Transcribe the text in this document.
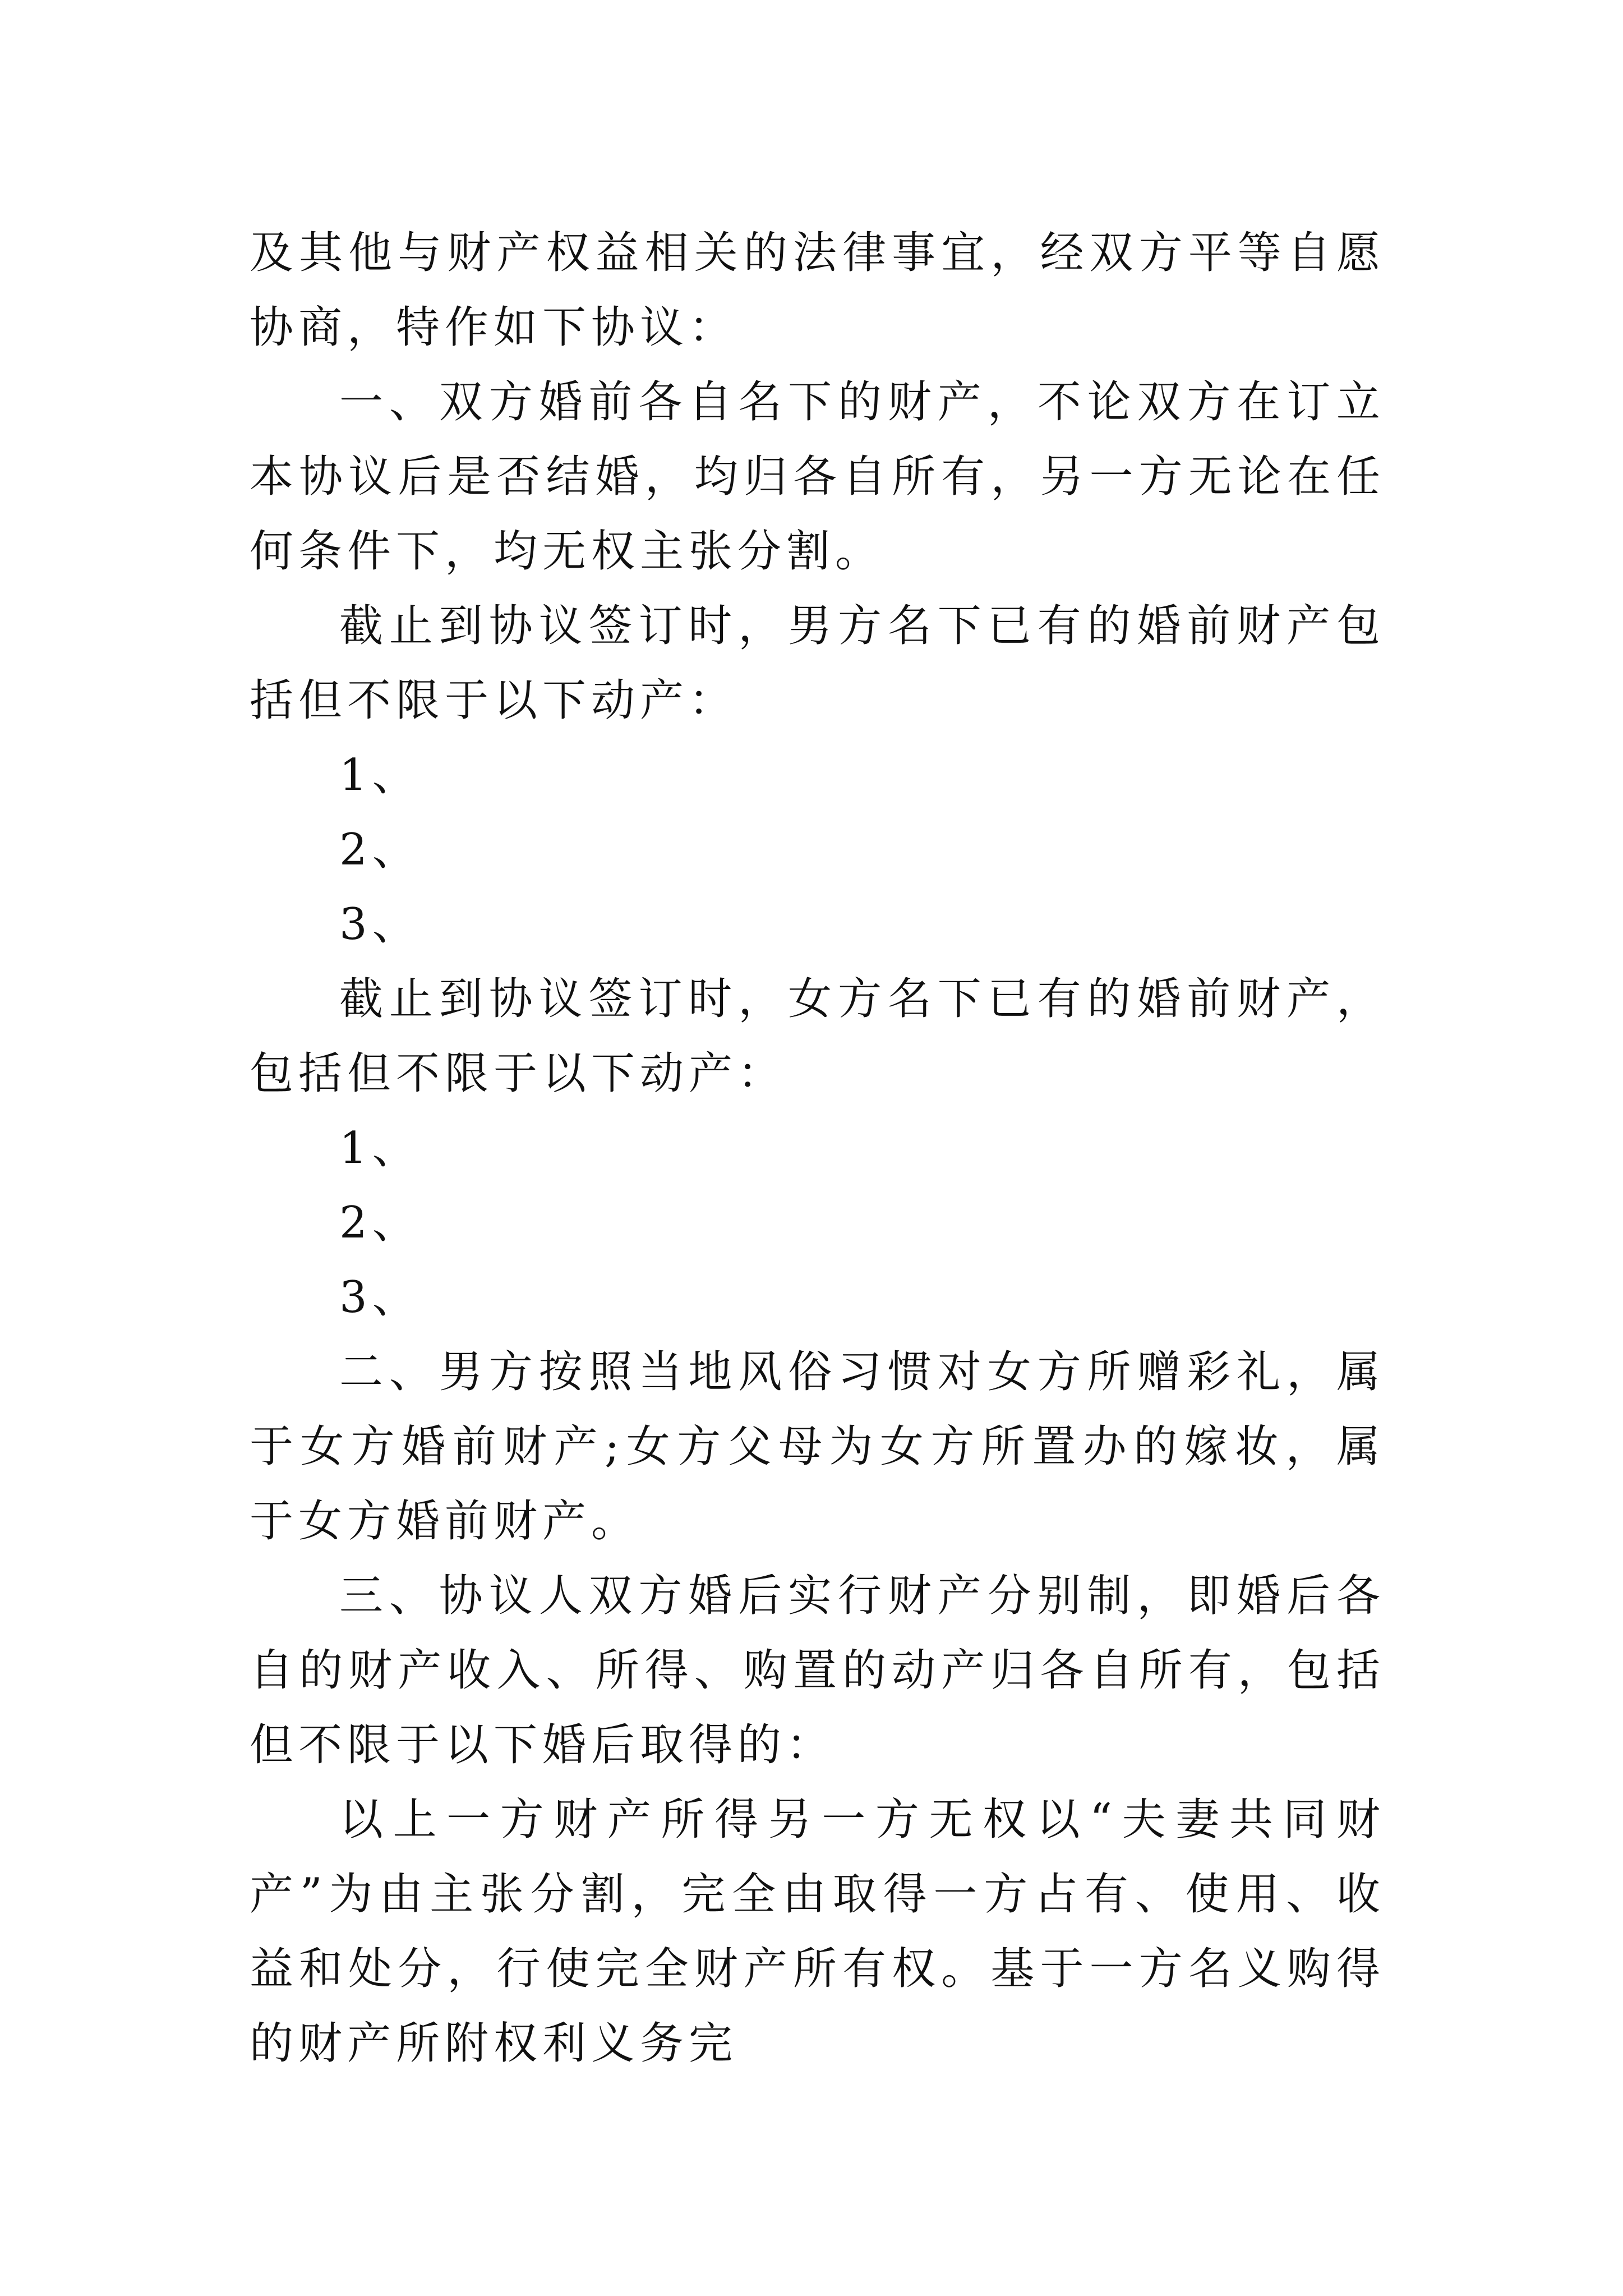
及其他与财产权益相关的法律事宜，经双方平等自愿协商，特作如下协议：

一、双方婚前各自名下的财产，不论双方在订立本协议后是否结婚，均归各自所有，另一方无论在任何条件下，均无权主张分割。

截止到协议签订时，男方名下已有的婚前财产包括但不限于以下动产：

1、

2、

3、

截止到协议签订时，女方名下已有的婚前财产，包括但不限于以下动产：

1、

2、

3、

二、男方按照当地风俗习惯对女方所赠彩礼，属于女方婚前财产;女方父母为女方所置办的嫁妆，属于女方婚前财产。

三、协议人双方婚后实行财产分别制，即婚后各自的财产收入、所得、购置的动产归各自所有，包括但不限于以下婚后取得的：

以上一方财产所得另一方无权以“夫妻共同财产”为由主张分割，完全由取得一方占有、使用、收益和处分，行使完全财产所有权。基于一方名义购得的财产所附权利义务完
